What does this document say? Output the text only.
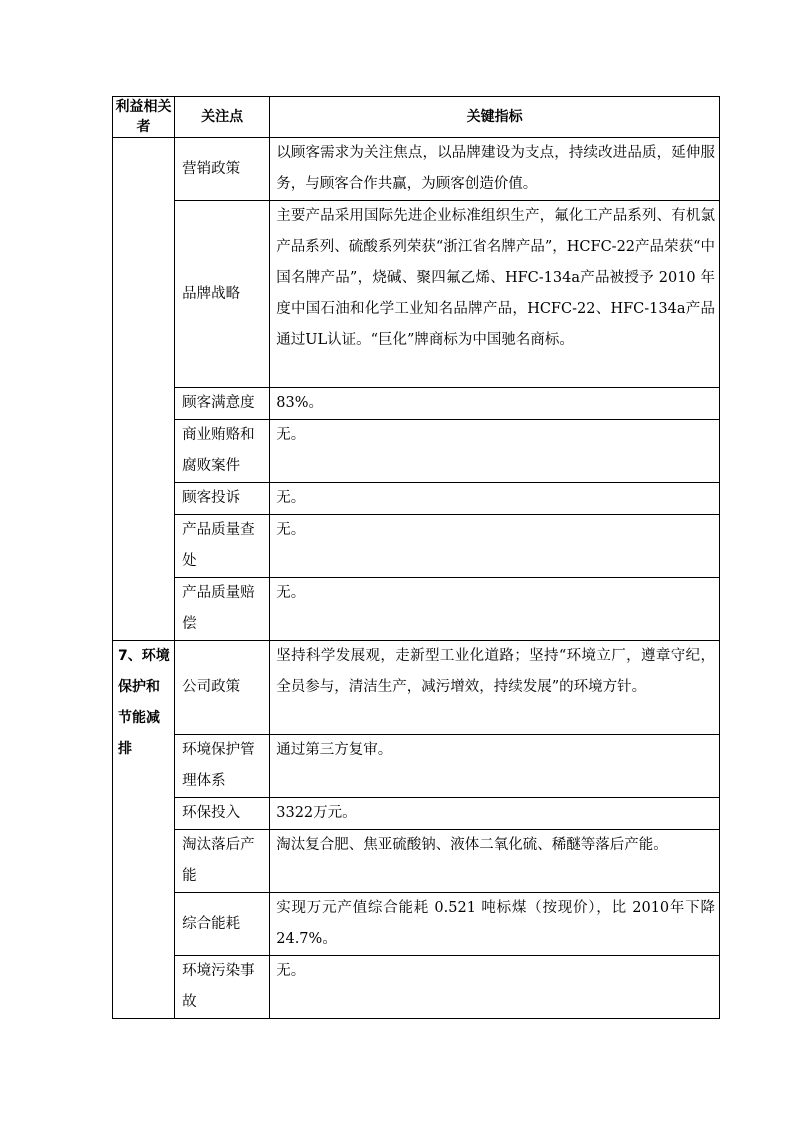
利益相关者	关注点	关键指标
	营销政策	以顾客需求为关注焦点，以品牌建设为支点，持续改进品质，延伸服务，与顾客合作共赢，为顾客创造价值。
	品牌战略	主要产品采用国际先进企业标准组织生产，氟化工产品系列、有机氯产品系列、硫酸系列荣获“浙江省名牌产品”，HCFC-22产品荣获“中国名牌产品”，烧碱、聚四氟乙烯、HFC-134a产品被授予 2010 年度中国石油和化学工业知名品牌产品，HCFC-22、HFC-134a产品通过UL认证。“巨化”牌商标为中国驰名商标。
	顾客满意度	83%。
	商业贿赂和腐败案件	无。
	顾客投诉	无。
	产品质量查处	无。
	产品质量赔偿	无。
7、环境保护和节能减排	公司政策	坚持科学发展观，走新型工业化道路；坚持“环境立厂，遵章守纪，全员参与，清洁生产，减污增效，持续发展”的环境方针。
	环境保护管理体系	通过第三方复审。
	环保投入	3322万元。
	淘汰落后产能	淘汰复合肥、焦亚硫酸钠、液体二氧化硫、稀醚等落后产能。
	综合能耗	实现万元产值综合能耗 0.521 吨标煤（按现价），比 2010年下降 24.7%。
	环境污染事故	无。
